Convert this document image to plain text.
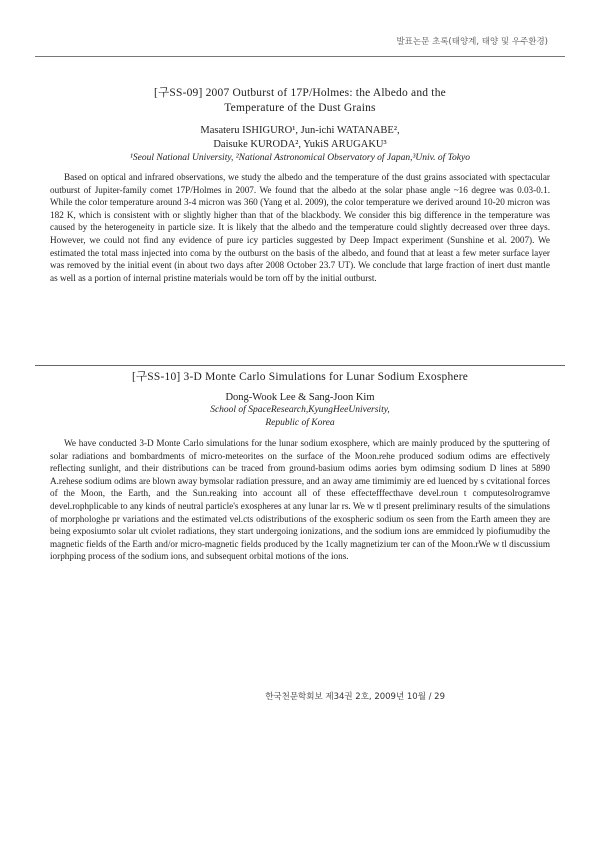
발표논문 초록(태양계, 태양 및 우주환경)
[구SS-09] 2007 Outburst of 17P/Holmes: the Albedo and the
Temperature of the Dust Grains
Masateru ISHIGURO¹, Jun-ichi WATANABE²,
Daisuke KURODA², YukiS ARUGAKU³
¹Seoul National University, ²National Astronomical Observatory of Japan,³Univ. of Tokyo
Based on optical and infrared observations, we study the albedo and the temperature of the dust grains associated with spectacular outburst of Jupiter-family comet 17P/Holmes in 2007. We found that the albedo at the solar phase angle ~16 degree was 0.03-0.1. While the color temperature around 3-4 micron was 360 (Yang et al. 2009), the color temperature we derived around 10-20 micron was 182 K, which is consistent with or slightly higher than that of the blackbody. We consider this big difference in the temperature was caused by the heterogeneity in particle size. It is likely that the albedo and the temperature could slightly decreased over three days. However, we could not find any evidence of pure icy particles suggested by Deep Impact experiment (Sunshine et al. 2007). We estimated the total mass injected into coma by the outburst on the basis of the albedo, and found that at least a few meter surface layer was removed by the initial event (in about two days after 2008 October 23.7 UT). We conclude that large fraction of inert dust mantle as well as a portion of internal pristine materials would be torn off by the initial outburst.
[구SS-10] 3-D Monte Carlo Simulations for Lunar Sodium Exosphere
Dong-Wook Lee & Sang-Joon Kim
School of SpaceResearch,KyungHeeUniversity,
Republic of Korea
We have conducted 3-D Monte Carlo simulations for the lunar sodium exosphere, which are mainly produced by the sputtering of solar radiations and bombardments of micro-meteorites on the surface of the Moon.rehe produced sodium odims are effectively reflecting sunlight, and their distributions can be traced from ground-basium odims aories bym odimsing sodium D lines at 5890 A.rehese sodium odims are blown away bymsolar radiation pressure, and an away ame timimimiy are ed luenced by s cvitational forces of the Moon, the Earth, and the Sun.reaking into account all of these effectefffecthave devel.roun t computesolrogramve devel.rophplicable to any kinds of neutral particle's exospheres at any lunar lar rs. We w tl present preliminary results of the simulations of morphologhe pr variations and the estimated vel.cts odistributions of the exospheric sodium os seen from the Earth ameen they are being exposiumto solar ult cviolet radiations, they start undergoing ionizations, and the sodium ions are emmidced ly piofiumudiby the magnetic fields of the Earth and/or micro-magnetic fields produced by the 1cally magnetizium ter can of the Moon.rWe w tl discussium iorphping process of the sodium ions, and subsequent orbital motions of the ions.
한국천문학회보 제34권 2호, 2009년 10월 / 29
